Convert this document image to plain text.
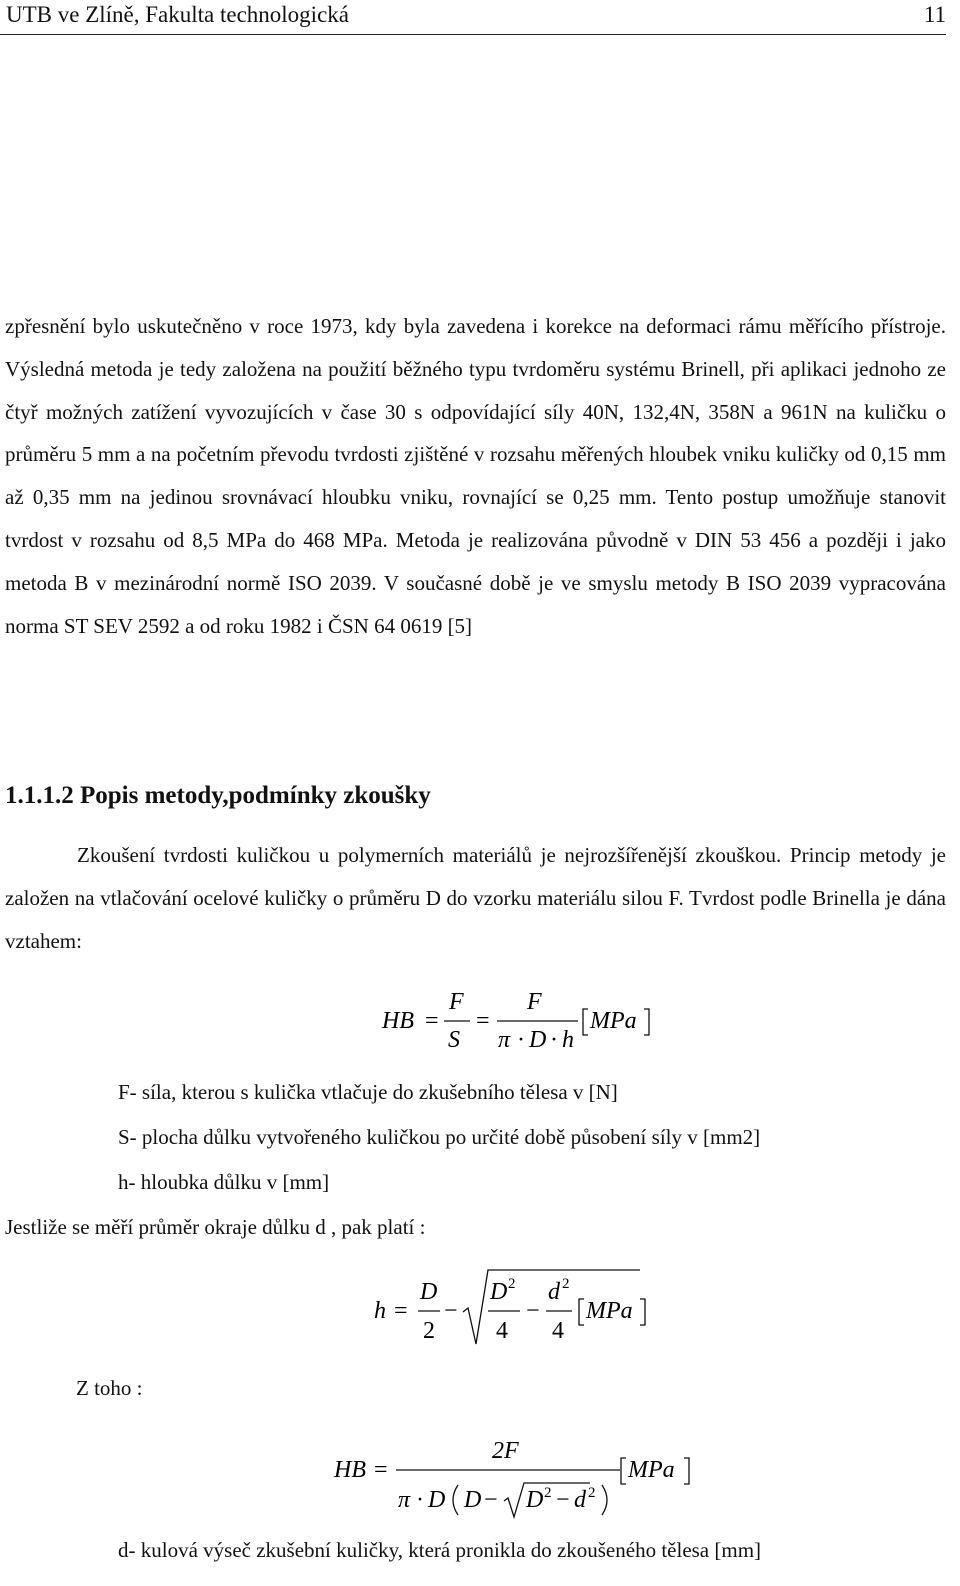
UTB ve Zlíně, Fakulta technologická	11
zpřesnění bylo uskutečněno v roce 1973, kdy byla zavedena i korekce na deformaci rámu měřícího přístroje. Výsledná metoda je tedy založena na použití běžného typu tvrdoměru systému Brinell, při aplikaci jednoho ze čtyř možných zatížení vyvozujících v čase 30 s odpovídající síly 40N, 132,4N, 358N a 961N na kuličku o průměru 5 mm a na početním převodu tvrdosti zjištěné v rozsahu měřených hloubek vniku kuličky od 0,15 mm až 0,35 mm na jedinou srovnávací hloubku vniku, rovnající se 0,25 mm. Tento postup umožňuje stanovit tvrdost v rozsahu od 8,5 MPa do 468 MPa. Metoda je realizována původně v DIN 53 456 a později i jako metoda B v mezinárodní normě ISO 2039. V současné době je ve smyslu metody B ISO 2039 vypracována norma ST SEV 2592 a od roku 1982 i ČSN 64 0619 [5]
1.1.1.2 Popis metody,podmínky zkoušky
Zkoušení tvrdosti kuličkou u polymerních materiálů je nejrozšířenější zkouškou. Princip metody je založen na vtlačování ocelové kuličky o průměru D do vzorku materiálu silou F. Tvrdost podle Brinella je dána vztahem:
HB =
F
S
=
F
π · D · h
MPa
F- síla, kterou s kulička vtlačuje do zkušebního tělesa v [N]
S- plocha důlku vytvořeného kuličkou po určité době působení síly v [mm2]
h- hloubka důlku v [mm]
Jestliže se měří průměr okraje důlku d , pak platí :
h =
D
2
−
D 2
4
−
d 2
4
MPa
Z toho :
HB =
2F
π · D D − D 2 − d 2
MPa
d- kulová výseč zkušební kuličky, která pronikla do zkoušeného tělesa [mm]
